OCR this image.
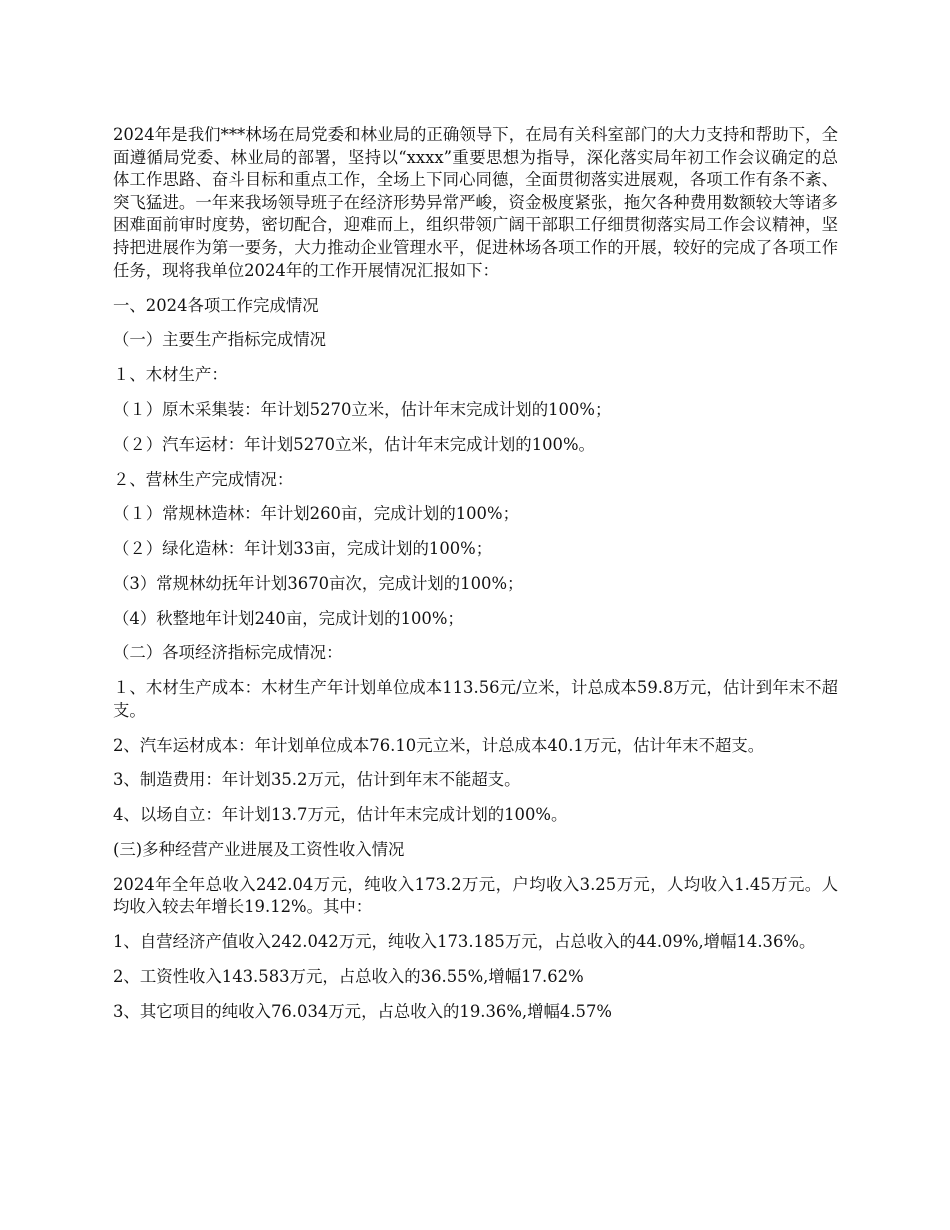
2024年是我们***林场在局党委和林业局的正确领导下，在局有关科室部门的大力支持和帮助下，全面遵循局党委、林业局的部署，坚持以“xxxx”重要思想为指导，深化落实局年初工作会议确定的总体工作思路、奋斗目标和重点工作，全场上下同心同德，全面贯彻落实进展观，各项工作有条不紊、突飞猛进。一年来我场领导班子在经济形势异常严峻，资金极度紧张，拖欠各种费用数额较大等诸多困难面前审时度势，密切配合，迎难而上，组织带领广阔干部职工仔细贯彻落实局工作会议精神，坚持把进展作为第一要务，大力推动企业管理水平，促进林场各项工作的开展，较好的完成了各项工作任务，现将我单位2024年的工作开展情况汇报如下：

一、2024各项工作完成情况

（一）主要生产指标完成情况

１、木材生产：

（１）原木采集装：年计划5270立米，估计年末完成计划的100%；

（２）汽车运材：年计划5270立米，估计年末完成计划的100%。

２、营林生产完成情况：

（１）常规林造林：年计划260亩，完成计划的100%；

（２）绿化造林：年计划33亩，完成计划的100%；

（3）常规林幼抚年计划3670亩次，完成计划的100%；

（4）秋整地年计划240亩，完成计划的100%；

（二）各项经济指标完成情况：

１、木材生产成本：木材生产年计划单位成本113.56元/立米，计总成本59.8万元，估计到年末不超支。

2、汽车运材成本：年计划单位成本76.10元立米，计总成本40.1万元，估计年末不超支。

3、制造费用：年计划35.2万元，估计到年末不能超支。

4、以场自立：年计划13.7万元，估计年末完成计划的100%。

(三)多种经营产业进展及工资性收入情况

2024年全年总收入242.04万元，纯收入173.2万元，户均收入3.25万元，人均收入1.45万元。人均收入较去年增长19.12%。其中：

1、自营经济产值收入242.042万元，纯收入173.185万元，占总收入的44.09%,增幅14.36%。

2、工资性收入143.583万元，占总收入的36.55%,增幅17.62%

3、其它项目的纯收入76.034万元，占总收入的19.36%,增幅4.57%
